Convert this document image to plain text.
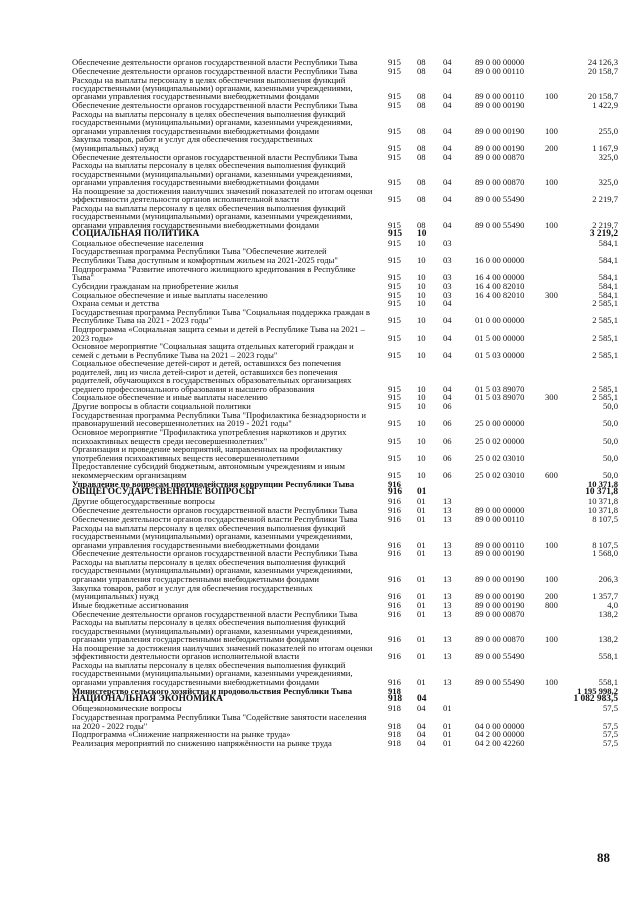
Обеспечение деятельности органов государственной власти Республики Тыва	915	08	04	89 0 00 00000	24 126,3
Обеспечение деятельности органов государственной власти Республики Тыва	915	08	04	89 0 00 00110	20 158,7
Расходы на выплаты персоналу в целях обеспечения выполнения функций
государственными (муниципальными) органами, казенными учреждениями,
органами управления государственными внебюджетными фондами	915	08	04	89 0 00 00110	100	20 158,7
Обеспечение деятельности органов государственной власти Республики Тыва	915	08	04	89 0 00 00190	1 422,9
Расходы на выплаты персоналу в целях обеспечения выполнения функций
государственными (муниципальными) органами, казенными учреждениями,
органами управления государственными внебюджетными фондами	915	08	04	89 0 00 00190	100	255,0
Закупка товаров, работ и услуг для обеспечения государственных
(муниципальных) нужд	915	08	04	89 0 00 00190	200	1 167,9
Обеспечение деятельности органов государственной власти Республики Тыва	915	08	04	89 0 00 00870	325,0
Расходы на выплаты персоналу в целях обеспечения выполнения функций
государственными (муниципальными) органами, казенными учреждениями,
органами управления государственными внебюджетными фондами	915	08	04	89 0 00 00870	100	325,0
На поощрение за достижения наилучших значений показателей по итогам оценки
эффективности деятельности органов исполнительной власти	915	08	04	89 0 00 55490	2 219,7
Расходы на выплаты персоналу в целях обеспечения выполнения функций
государственными (муниципальными) органами, казенными учреждениями,
органами управления государственными внебюджетными фондами	915	08	04	89 0 00 55490	100	2 219,7
СОЦИАЛЬНАЯ ПОЛИТИКА	915	10	3 219,2
Социальное обеспечение населения	915	10	03	584,1
Государственная программа Республики Тыва "Обеспечение жителей
Республики Тыва доступным и комфортным жильем на 2021-2025 годы"	915	10	03	16 0 00 00000	584,1
Подпрограмма "Развитие ипотечного жилищного кредитования в Республике
Тыва"	915	10	03	16 4 00 00000	584,1
Субсидии гражданам на приобретение жилья	915	10	03	16 4 00 82010	584,1
Социальное обеспечение и иные выплаты населению	915	10	03	16 4 00 82010	300	584,1
Охрана семьи и детства	915	10	04	2 585,1
Государственная программа Республики Тыва "Социальная поддержка граждан в
Республике Тыва на 2021 - 2023 годы"	915	10	04	01 0 00 00000	2 585,1
Подпрограмма «Социальная защита семьи и детей в Республике Тыва на 2021 –
2023 годы»	915	10	04	01 5 00 00000	2 585,1
Основное мероприятие "Социальная защита отдельных категорий граждан и
семей с детьми в Республике Тыва на 2021 – 2023 годы"	915	10	04	01 5 03 00000	2 585,1
Социальное обеспечение детей-сирот и детей, оставшихся без попечения
родителей, лиц из числа детей-сирот и детей, оставшихся без попечения
родителей, обучающихся в государственных образовательных организациях
среднего профессионального образования и высшего образования	915	10	04	01 5 03 89070	2 585,1
Социальное обеспечение и иные выплаты населению	915	10	04	01 5 03 89070	300	2 585,1
Другие вопросы в области социальной политики	915	10	06	50,0
Государственная программа Республики Тыва "Профилактика безнадзорности и
правонарушений несовершеннолетних на 2019 - 2021 годы"	915	10	06	25 0 00 00000	50,0
Основное мероприятие "Профилактика употребления наркотиков и других
психоактивных веществ среди несовершеннолетних"	915	10	06	25 0 02 00000	50,0
Организация и проведение мероприятий, направленных на профилактику
употребления психоактивных веществ несовершеннолетними	915	10	06	25 0 02 03010	50,0
Предоставление субсидий бюджетным, автономным учреждениям и иным
некоммерческим организациям	915	10	06	25 0 02 03010	600	50,0
Управление по вопросам противодействия коррупции Республики Тыва	916	10 371,8
ОБЩЕГОСУДАРСТВЕННЫЕ ВОПРОСЫ	916	01	10 371,8
Другие общегосударственные вопросы	916	01	13	10 371,8
Обеспечение деятельности органов государственной власти Республики Тыва	916	01	13	89 0 00 00000	10 371,8
Обеспечение деятельности органов государственной власти Республики Тыва	916	01	13	89 0 00 00110	8 107,5
Расходы на выплаты персоналу в целях обеспечения выполнения функций
государственными (муниципальными) органами, казенными учреждениями,
органами управления государственными внебюджетными фондами	916	01	13	89 0 00 00110	100	8 107,5
Обеспечение деятельности органов государственной власти Республики Тыва	916	01	13	89 0 00 00190	1 568,0
Расходы на выплаты персоналу в целях обеспечения выполнения функций
государственными (муниципальными) органами, казенными учреждениями,
органами управления государственными внебюджетными фондами	916	01	13	89 0 00 00190	100	206,3
Закупка товаров, работ и услуг для обеспечения государственных
(муниципальных) нужд	916	01	13	89 0 00 00190	200	1 357,7
Иные бюджетные ассигнования	916	01	13	89 0 00 00190	800	4,0
Обеспечение деятельности органов государственной власти Республики Тыва	916	01	13	89 0 00 00870	138,2
Расходы на выплаты персоналу в целях обеспечения выполнения функций
государственными (муниципальными) органами, казенными учреждениями,
органами управления государственными внебюджетными фондами	916	01	13	89 0 00 00870	100	138,2
На поощрение за достижения наилучших значений показателей по итогам оценки
эффективности деятельности органов исполнительной власти	916	01	13	89 0 00 55490	558,1
Расходы на выплаты персоналу в целях обеспечения выполнения функций
государственными (муниципальными) органами, казенными учреждениями,
органами управления государственными внебюджетными фондами	916	01	13	89 0 00 55490	100	558,1
Министерство сельского хозяйства и продовольствия Республики Тыва	918	1 195 998,2
НАЦИОНАЛЬНАЯ ЭКОНОМИКА	918	04	1 082 983,5
Общеэкономические вопросы	918	04	01	57,5
Государственная программа Республики Тыва "Содействие занятости населения
на 2020 - 2022 годы"	918	04	01	04 0 00 00000	57,5
Подпрограмма «Снижение напряженности на рынке труда»	918	04	01	04 2 00 00000	57,5
Реализация мероприятий по снижению напряжённости на рынке труда	918	04	01	04 2 00 42260	57,5
88
